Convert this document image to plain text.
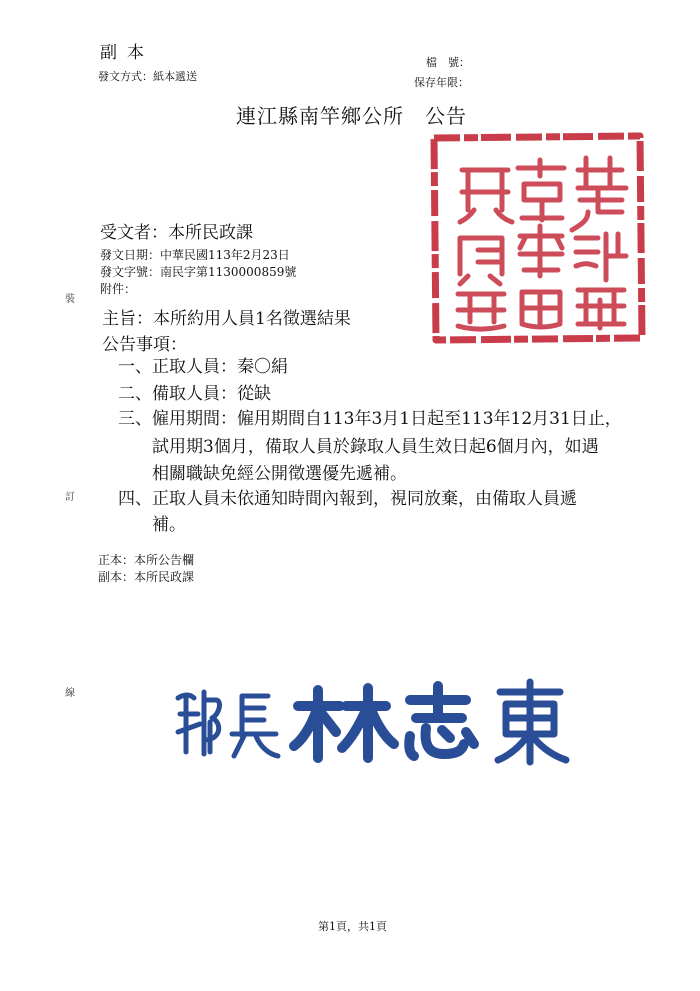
副本
發文方式：紙本遞送
檔　號：
保存年限：
連江縣南竿鄉公所　公告
受文者：本所民政課
發文日期：中華民國113年2月23日
發文字號：南民字第1130000859號
附件：
主旨：本所約用人員1名徵選結果
公告事項：
一、正取人員：秦〇絹
二、備取人員：從缺
三、僱用期間：僱用期間自113年3月1日起至113年12月31日止，
試用期3個月，備取人員於錄取人員生效日起6個月內，如遇
相關職缺免經公開徵選優先遞補。
四、正取人員未依通知時間內報到，視同放棄，由備取人員遞
補。
裝
訂
線
正本：本所公告欄
副本：本所民政課
第1頁，共1頁
